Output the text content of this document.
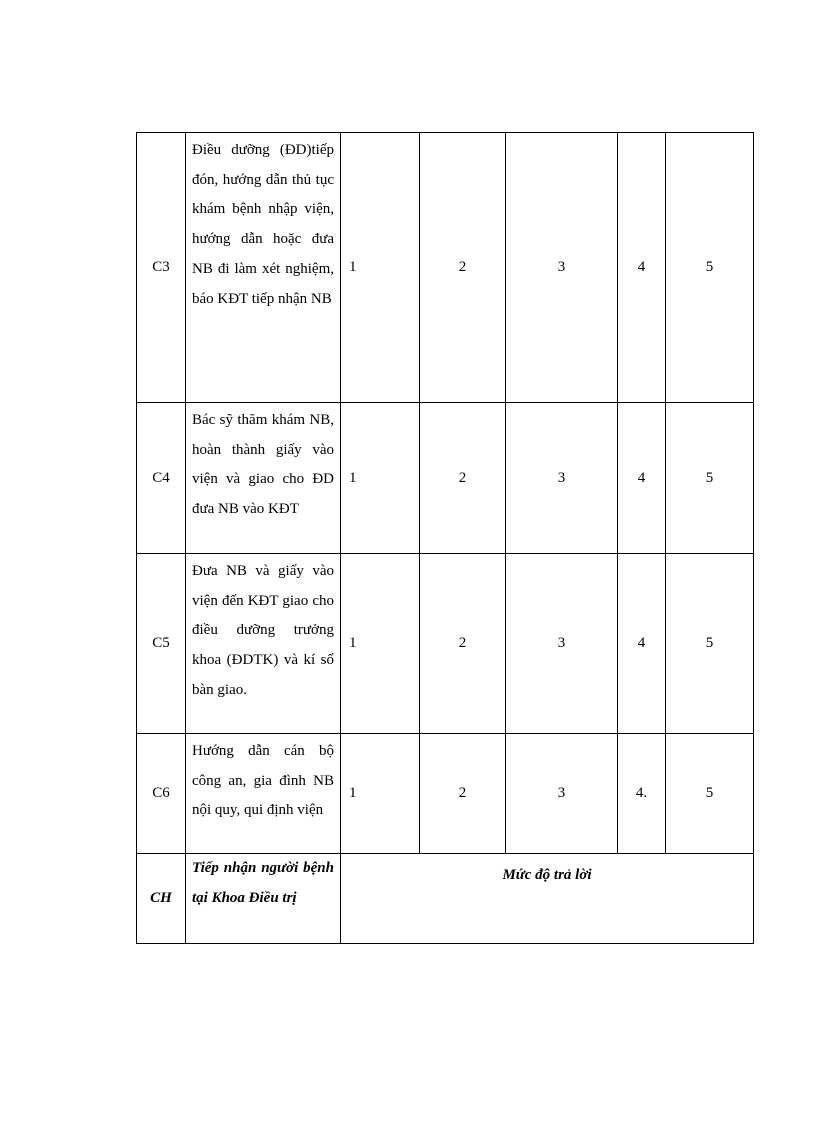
C3	Điều dưỡng (ĐD)tiếp đón, hướng dẫn thủ tục khám bệnh nhập viện, hướng dẫn hoặc đưa NB đi làm xét nghiệm, báo KĐT tiếp nhận NB	1	2	3	4	5
C4	Bác sỹ thăm khám NB, hoàn thành giấy vào viện và giao cho ĐD đưa NB vào KĐT	1	2	3	4	5
C5	Đưa NB và giấy vào viện đến KĐT giao cho điều dưỡng trưởng khoa (ĐDTK) và kí sổ bàn giao.	1	2	3	4	5
C6	Hướng dẫn cán bộ công an, gia đình NB nội quy, qui định viện	1	2	3	4.	5
CH	Tiếp nhận người bệnh tại Khoa Điều trị	Mức độ trả lời				
